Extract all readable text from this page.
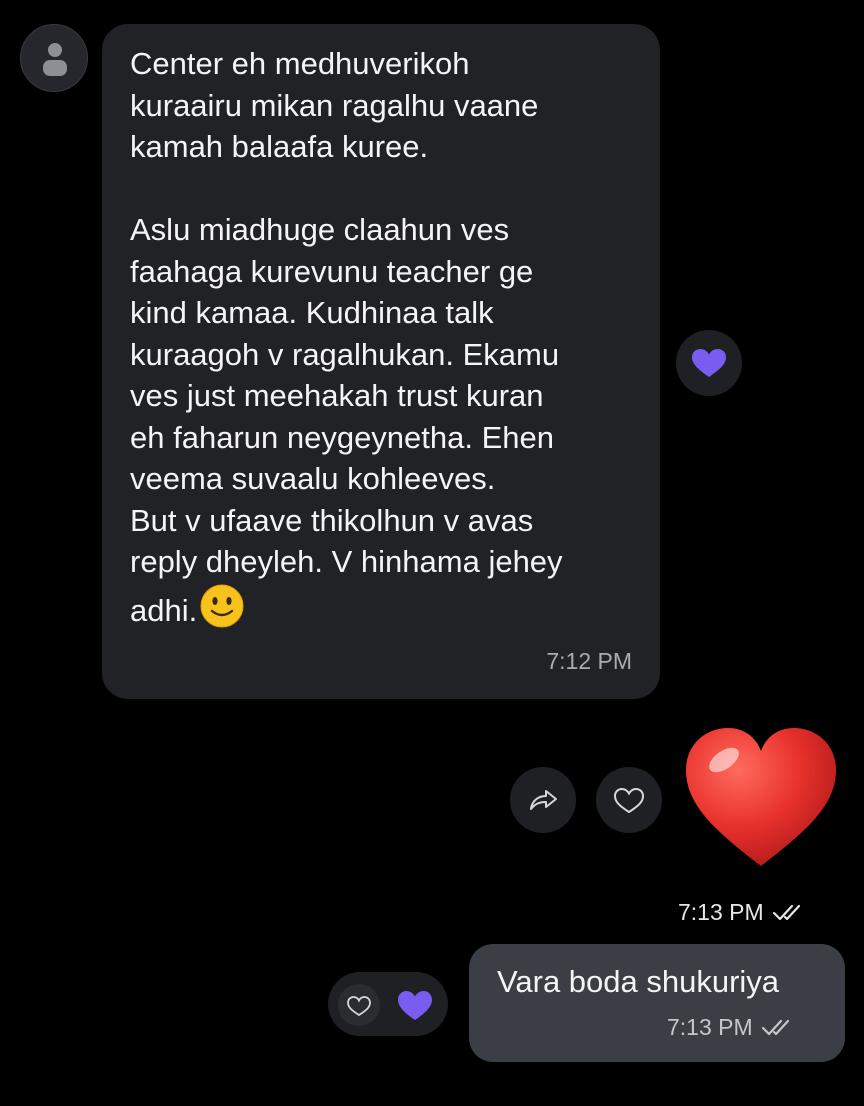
Center eh medhuverikoh
kuraairu mikan ragalhu vaane
kamah balaafa kuree.

Aslu miadhuge claahun ves
faahaga kurevunu teacher ge
kind kamaa. Kudhinaa talk
kuraagoh v ragalhukan. Ekamu
ves just meehakah trust kuran
eh faharun neygeynetha. Ehen
veema suvaalu kohleeves.
But v ufaave thikolhun v avas
reply dheyleh. V hinhama jehey
adhi.
7:12 PM
7:13 PM
Vara boda shukuriya
7:13 PM
